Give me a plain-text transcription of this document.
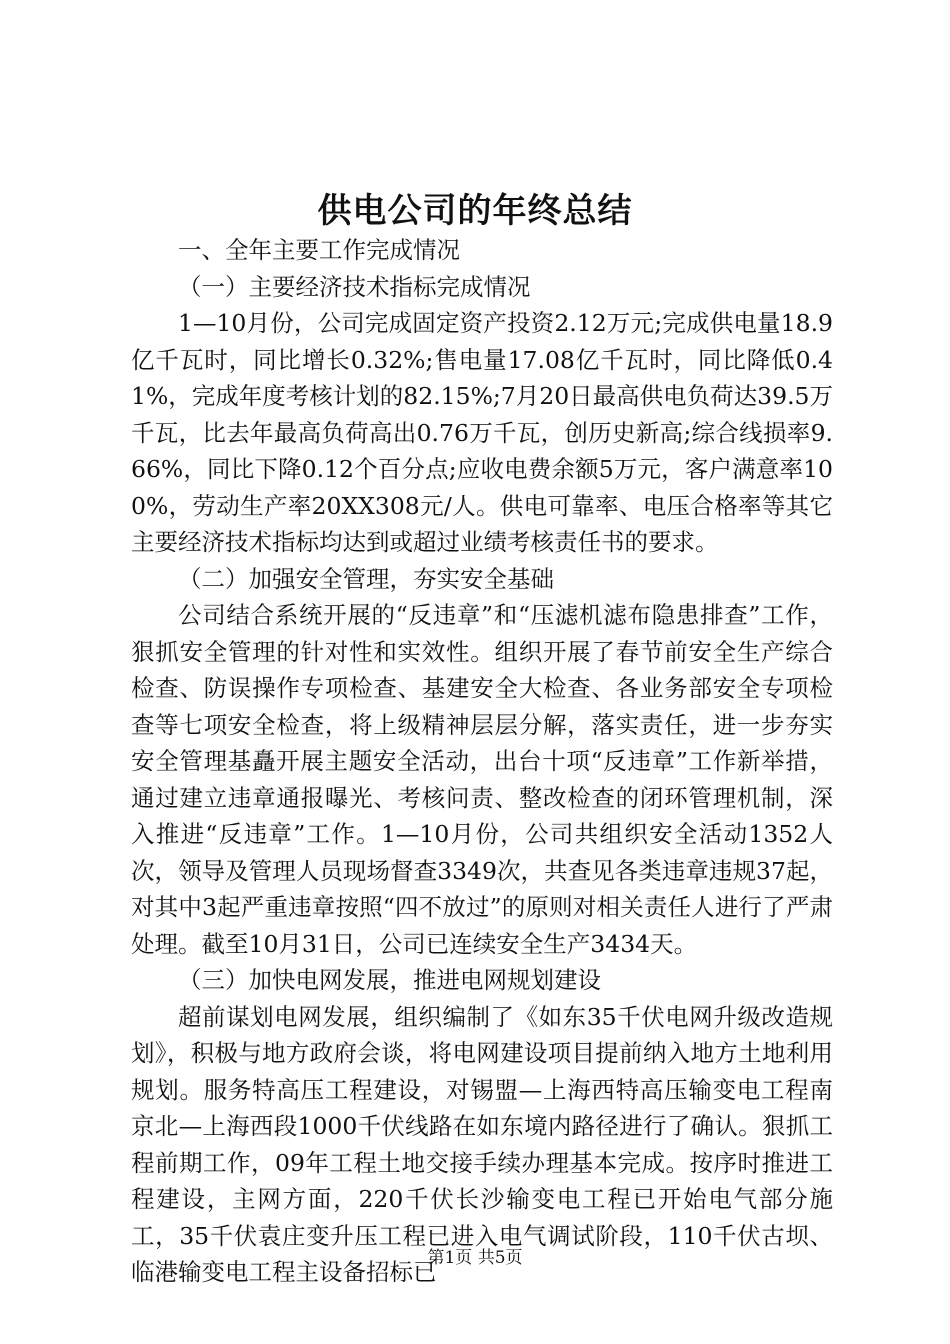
供电公司的年终总结

一、全年主要工作完成情况

（一）主要经济技术指标完成情况

1—10月份，公司完成固定资产投资2.12万元;完成供电量18.9亿千瓦时，同比增长0.32%;售电量17.08亿千瓦时，同比降低0.41%，完成年度考核计划的82.15%;7月20日最高供电负荷达39.5万千瓦，比去年最高负荷高出0.76万千瓦，创历史新高;综合线损率9.66%，同比下降0.12个百分点;应收电费余额5万元，客户满意率100%，劳动生产率20XX308元/人。供电可靠率、电压合格率等其它主要经济技术指标均达到或超过业绩考核责任书的要求。

（二）加强安全管理，夯实安全基础

公司结合系统开展的“反违章”和“压滤机滤布隐患排查”工作，狠抓安全管理的针对性和实效性。组织开展了春节前安全生产综合检查、防误操作专项检查、基建安全大检查、各业务部安全专项检查等七项安全检查，将上级精神层层分解，落实责任，进一步夯实安全管理基矗开展主题安全活动，出台十项“反违章”工作新举措，通过建立违章通报曝光、考核问责、整改检查的闭环管理机制，深入推进“反违章”工作。1—10月份，公司共组织安全活动1352人次，领导及管理人员现场督查3349次，共查见各类违章违规37起，对其中3起严重违章按照“四不放过”的原则对相关责任人进行了严肃处理。截至10月31日，公司已连续安全生产3434天。

（三）加快电网发展，推进电网规划建设

超前谋划电网发展，组织编制了《如东35千伏电网升级改造规划》，积极与地方政府会谈，将电网建设项目提前纳入地方土地利用规划。服务特高压工程建设，对锡盟—上海西特高压输变电工程南京北—上海西段1000千伏线路在如东境内路径进行了确认。狠抓工程前期工作，09年工程土地交接手续办理基本完成。按序时推进工程建设，主网方面，220千伏长沙输变电工程已开始电气部分施工，35千伏袁庄变升压工程已进入电气调试阶段，110千伏古坝、临港输变电工程主设备招标已

第1页 共5页
